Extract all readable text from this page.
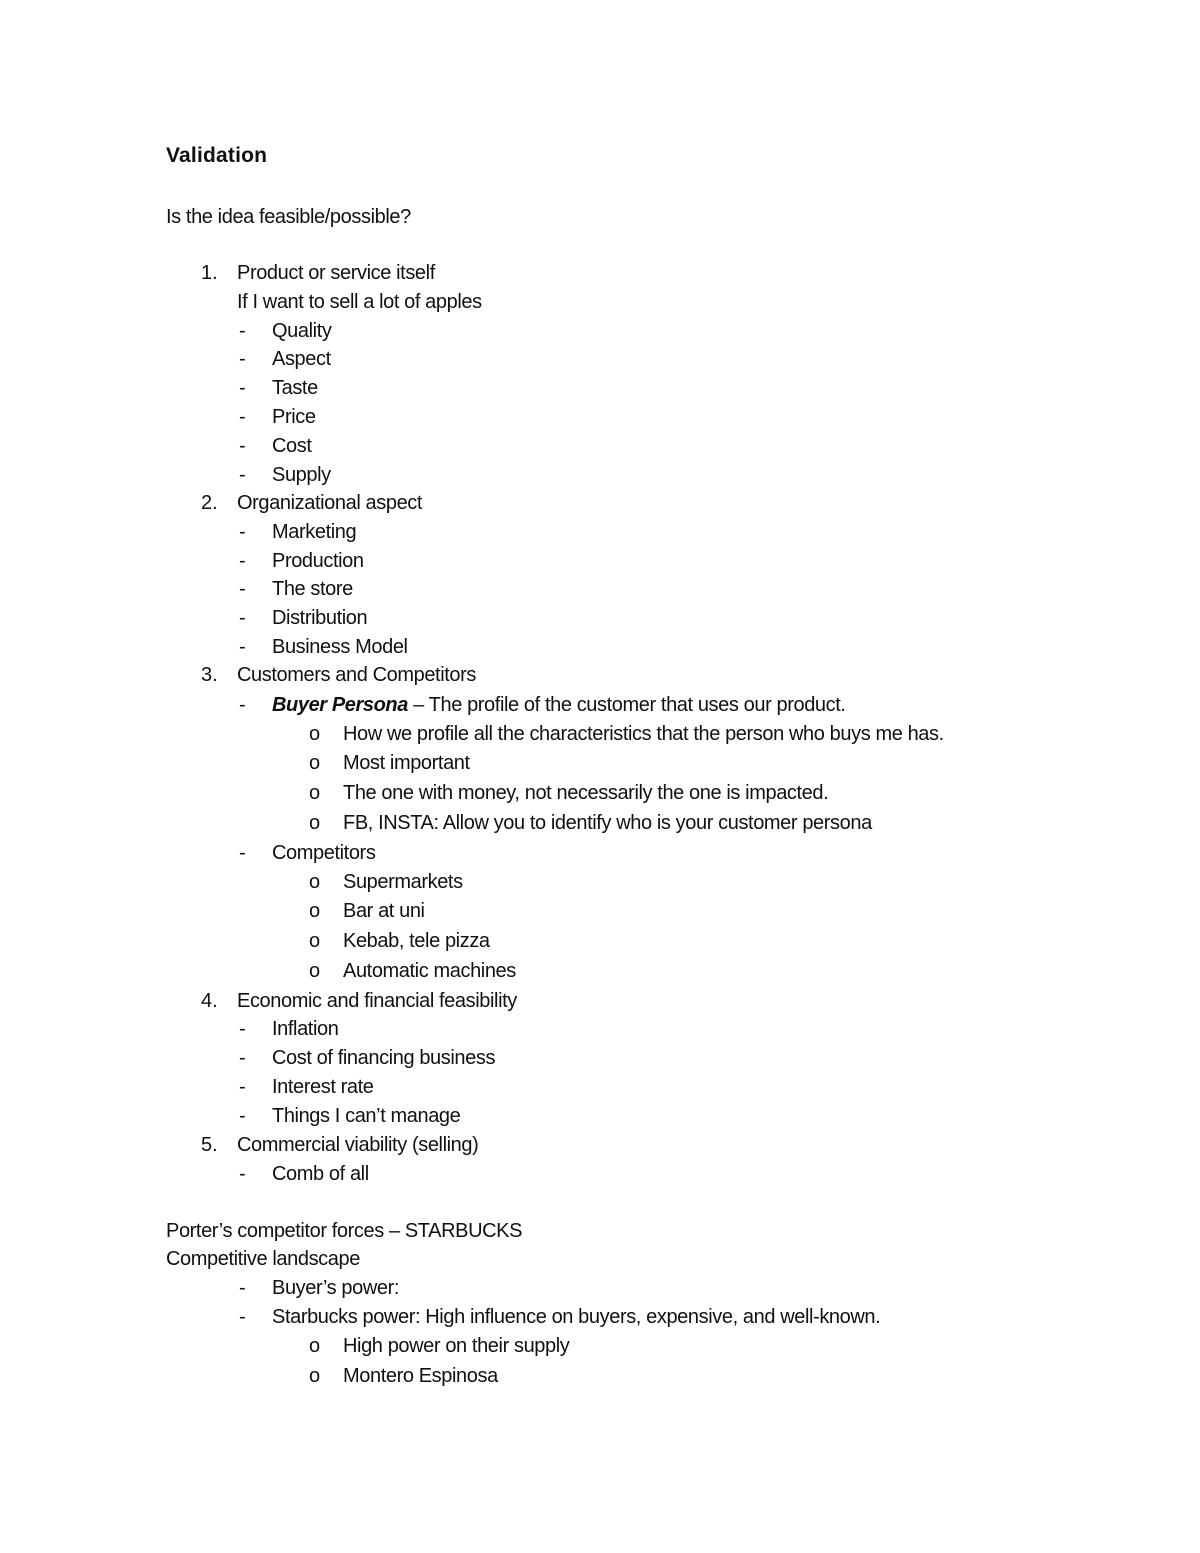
Validation

Is the idea feasible/possible?

1. Product or service itself

If I want to sell a lot of apples

- Quality

- Aspect

- Taste

- Price

- Cost

- Supply

2. Organizational aspect

- Marketing

- Production

- The store

- Distribution

- Business Model

3. Customers and Competitors

- Buyer Persona – The profile of the customer that uses our product.

o How we profile all the characteristics that the person who buys me has.

o Most important

o The one with money, not necessarily the one is impacted.

o FB, INSTA: Allow you to identify who is your customer persona

- Competitors

o Supermarkets

o Bar at uni

o Kebab, tele pizza

o Automatic machines

4. Economic and financial feasibility

- Inflation

- Cost of financing business

- Interest rate

- Things I can’t manage

5. Commercial viability (selling)

- Comb of all

Porter’s competitor forces – STARBUCKS

Competitive landscape

- Buyer’s power:

- Starbucks power: High influence on buyers, expensive, and well-known.

o High power on their supply

o Montero Espinosa
